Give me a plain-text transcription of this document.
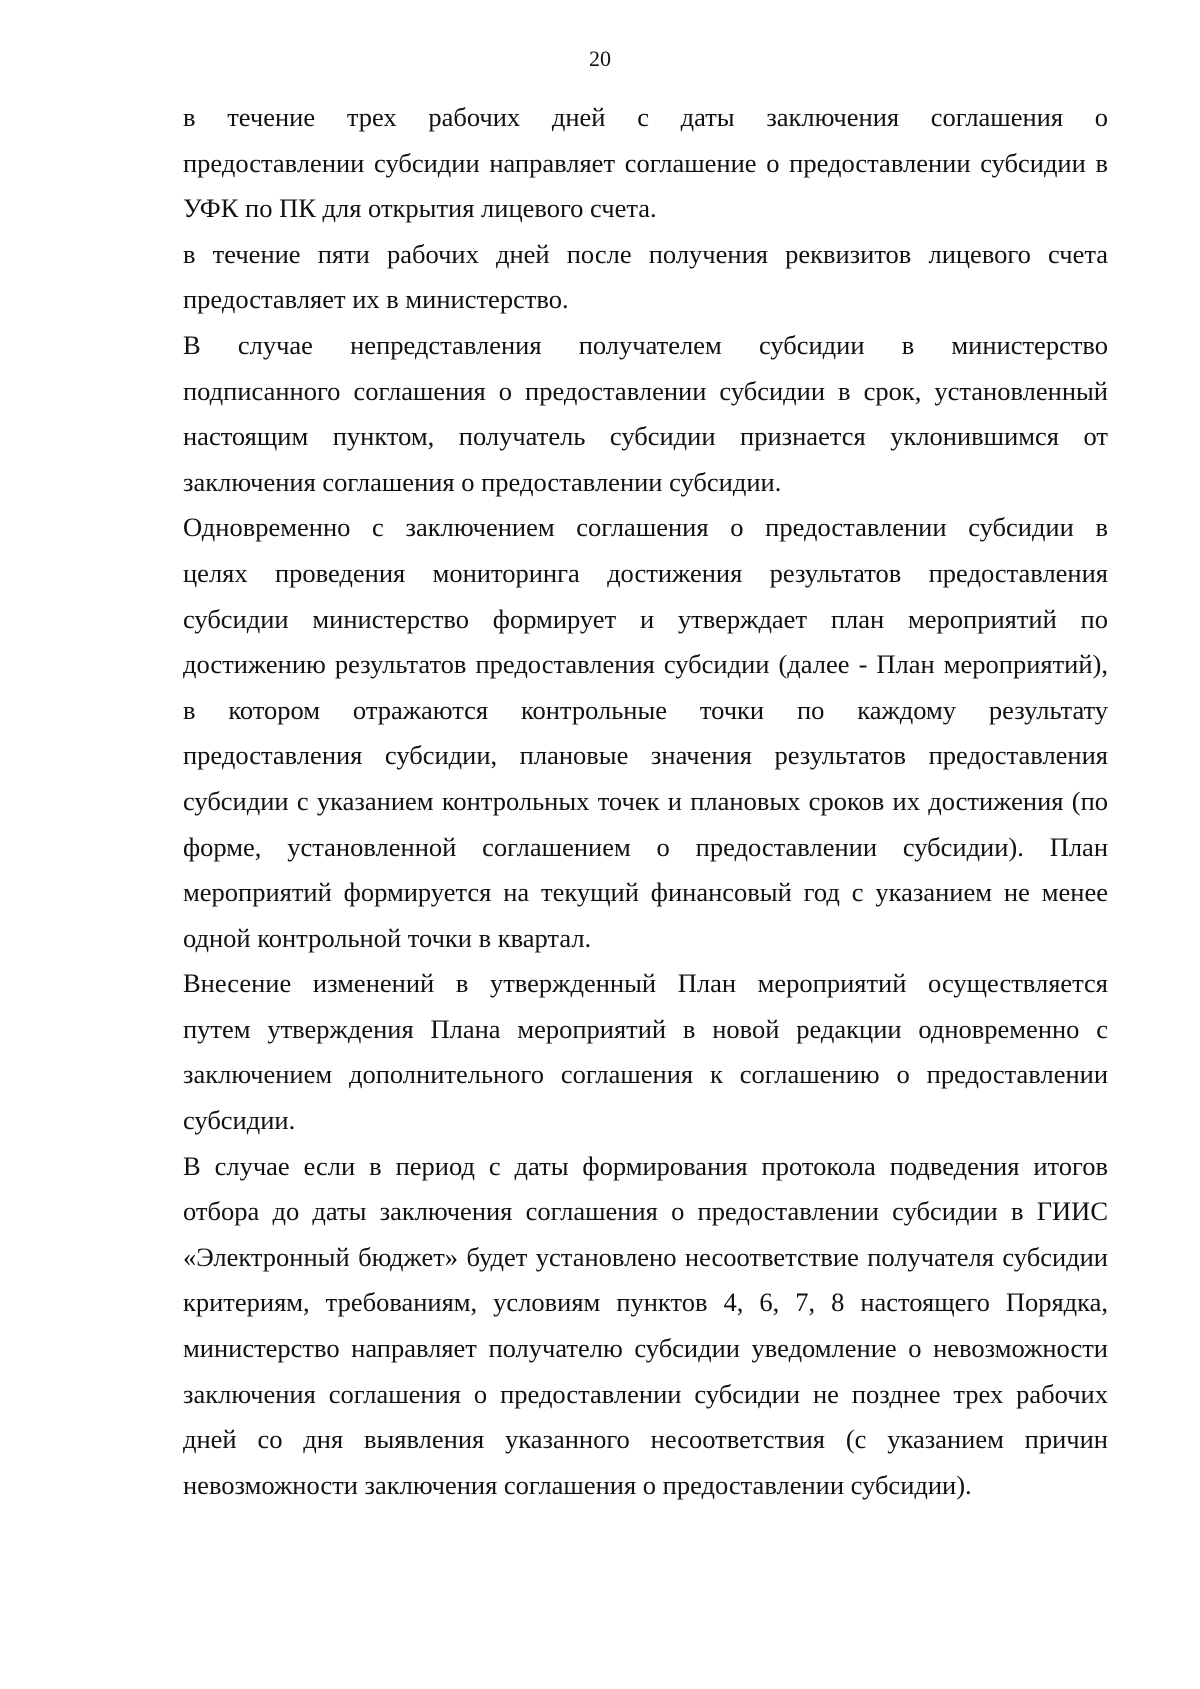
20

в течение трех рабочих дней с даты заключения соглашения о
предоставлении субсидии направляет соглашение о предоставлении субсидии в
УФК по ПК для открытия лицевого счета.

в течение пяти рабочих дней после получения реквизитов лицевого счета
предоставляет их в министерство.

В случае непредставления получателем субсидии в министерство
подписанного соглашения о предоставлении субсидии в срок, установленный
настоящим пунктом, получатель субсидии признается уклонившимся от
заключения соглашения о предоставлении субсидии.

Одновременно с заключением соглашения о предоставлении субсидии в
целях проведения мониторинга достижения результатов предоставления
субсидии министерство формирует и утверждает план мероприятий по
достижению результатов предоставления субсидии (далее - План мероприятий),
в котором отражаются контрольные точки по каждому результату
предоставления субсидии, плановые значения результатов предоставления
субсидии с указанием контрольных точек и плановых сроков их достижения (по
форме, установленной соглашением о предоставлении субсидии). План
мероприятий формируется на текущий финансовый год с указанием не менее
одной контрольной точки в квартал.

Внесение изменений в утвержденный План мероприятий осуществляется
путем утверждения Плана мероприятий в новой редакции одновременно с
заключением дополнительного соглашения к соглашению о предоставлении
субсидии.

В случае если в период с даты формирования протокола подведения итогов
отбора до даты заключения соглашения о предоставлении субсидии в ГИИС
«Электронный бюджет» будет установлено несоответствие получателя субсидии
критериям, требованиям, условиям пунктов 4, 6, 7, 8 настоящего Порядка,
министерство направляет получателю субсидии уведомление о невозможности
заключения соглашения о предоставлении субсидии не позднее трех рабочих
дней со дня выявления указанного несоответствия (с указанием причин
невозможности заключения соглашения о предоставлении субсидии).
